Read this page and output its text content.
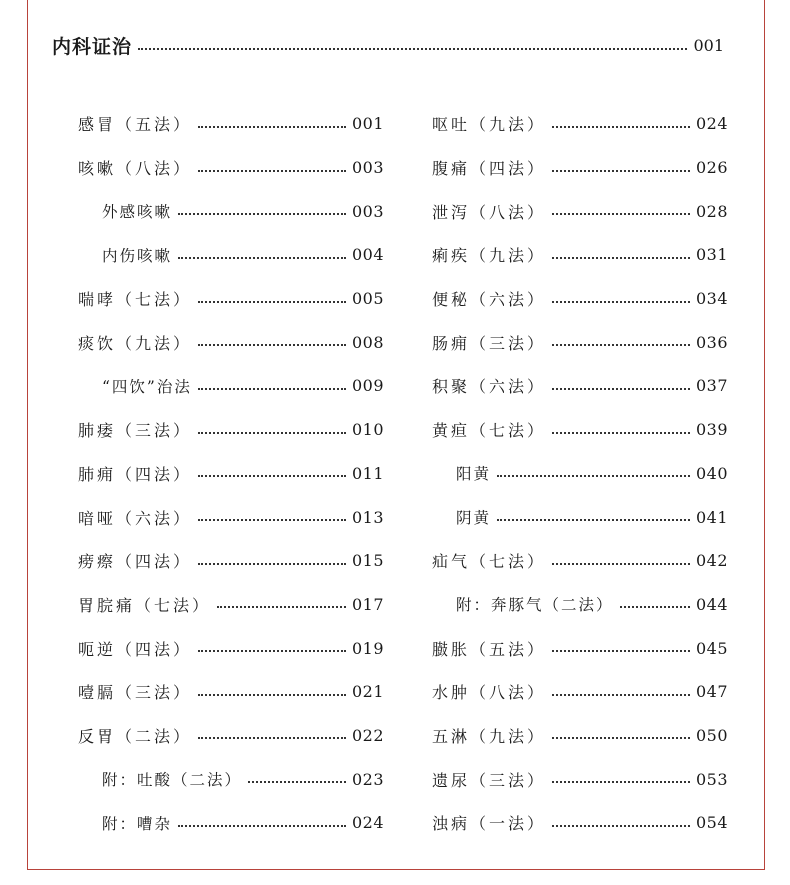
内科证治	001
感冒（五法）	001
咳嗽（八法）	003
外感咳嗽	003
内伤咳嗽	004
喘哮（七法）	005
痰饮（九法）	008
“四饮”治法	009
肺痿（三法）	010
肺痈（四法）	011
喑哑（六法）	013
痨瘵（四法）	015
胃脘痛（七法）	017
呃逆（四法）	019
噎膈（三法）	021
反胃（二法）	022
附：吐酸（二法）	023
附：嘈杂	024
呕吐（九法）	024
腹痛（四法）	026
泄泻（八法）	028
痢疾（九法）	031
便秘（六法）	034
肠痈（三法）	036
积聚（六法）	037
黄疸（七法）	039
阳黄	040
阴黄	041
疝气（七法）	042
附：奔豚气（二法）	044
臌胀（五法）	045
水肿（八法）	047
五淋（九法）	050
遗尿（三法）	053
浊病（一法）	054
